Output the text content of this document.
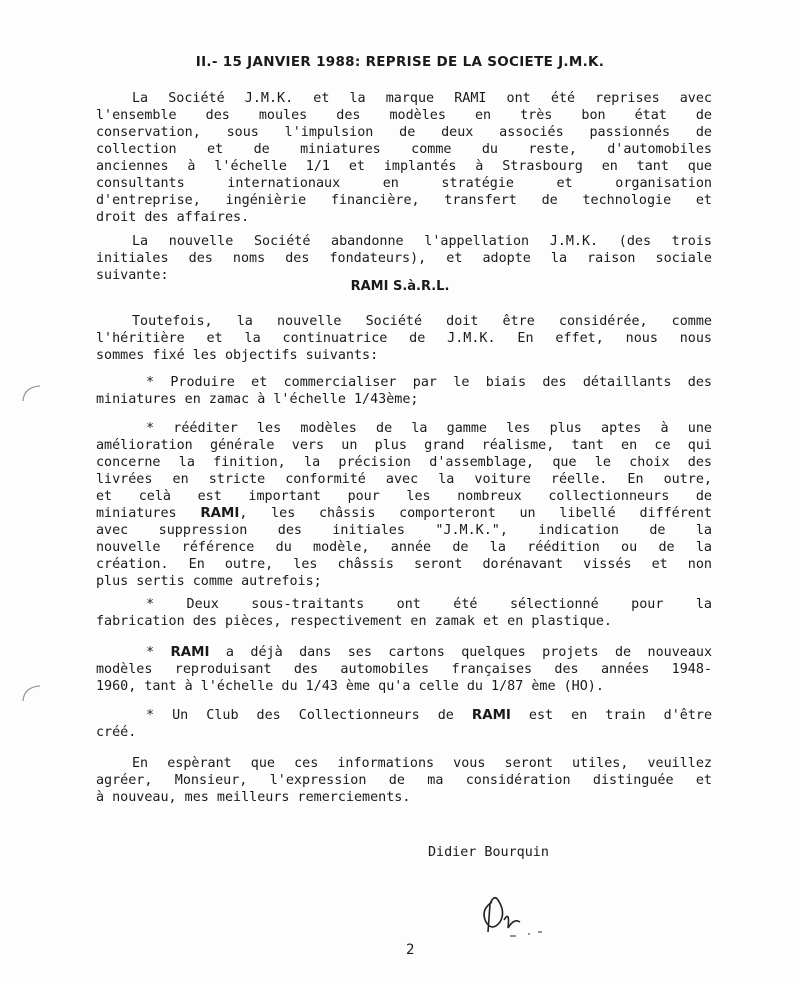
II.- 15 JANVIER 1988: REPRISE DE LA SOCIETE J.M.K.
La Société J.M.K. et la marque RAMI ont été reprises avec
l'ensemble des moules des modèles en très bon état de
conservation, sous l'impulsion de deux associés passionnés de
collection et de miniatures comme du reste, d'automobiles
anciennes à l'échelle 1/1 et implantés à Strasbourg en tant que
consultants internationaux en stratégie et organisation
d'entreprise, ingénièrie financière, transfert de technologie et
droit des affaires.
La nouvelle Société abandonne l'appellation J.M.K. (des trois
initiales des noms des fondateurs), et adopte la raison sociale
suivante:
RAMI S.à.R.L.
Toutefois, la nouvelle Société doit être considérée, comme
l'héritière et la continuatrice de J.M.K. En effet, nous nous
sommes fixé les objectifs suivants:
* Produire et commercialiser par le biais des détaillants des
miniatures en zamac à l'échelle 1/43ème;
* rééditer les modèles de la gamme les plus aptes à une
amélioration générale vers un plus grand réalisme, tant en ce qui
concerne la finition, la précision d'assemblage, que le choix des
livrées en stricte conformité avec la voiture réelle. En outre,
et celà est important pour les nombreux collectionneurs de
miniatures RAMI, les châssis comporteront un libellé différent
avec suppression des initiales "J.M.K.", indication de la
nouvelle référence du modèle, année de la réédition ou de la
création. En outre, les châssis seront dorénavant vissés et non
plus sertis comme autrefois;
* Deux sous-traitants ont été sélectionné pour la
fabrication des pièces, respectivement en zamak et en plastique.
* RAMI a déjà dans ses cartons quelques projets de nouveaux
modèles reproduisant des automobiles françaises des années 1948-
1960, tant à l'échelle du 1/43 ème qu'a celle du 1/87 ème (HO).
* Un Club des Collectionneurs de RAMI est en train d'être
créé.
En espèrant que ces informations vous seront utiles, veuillez
agréer, Monsieur, l'expression de ma considération distinguée et
à nouveau, mes meilleurs remerciements.
Didier Bourquin
2
